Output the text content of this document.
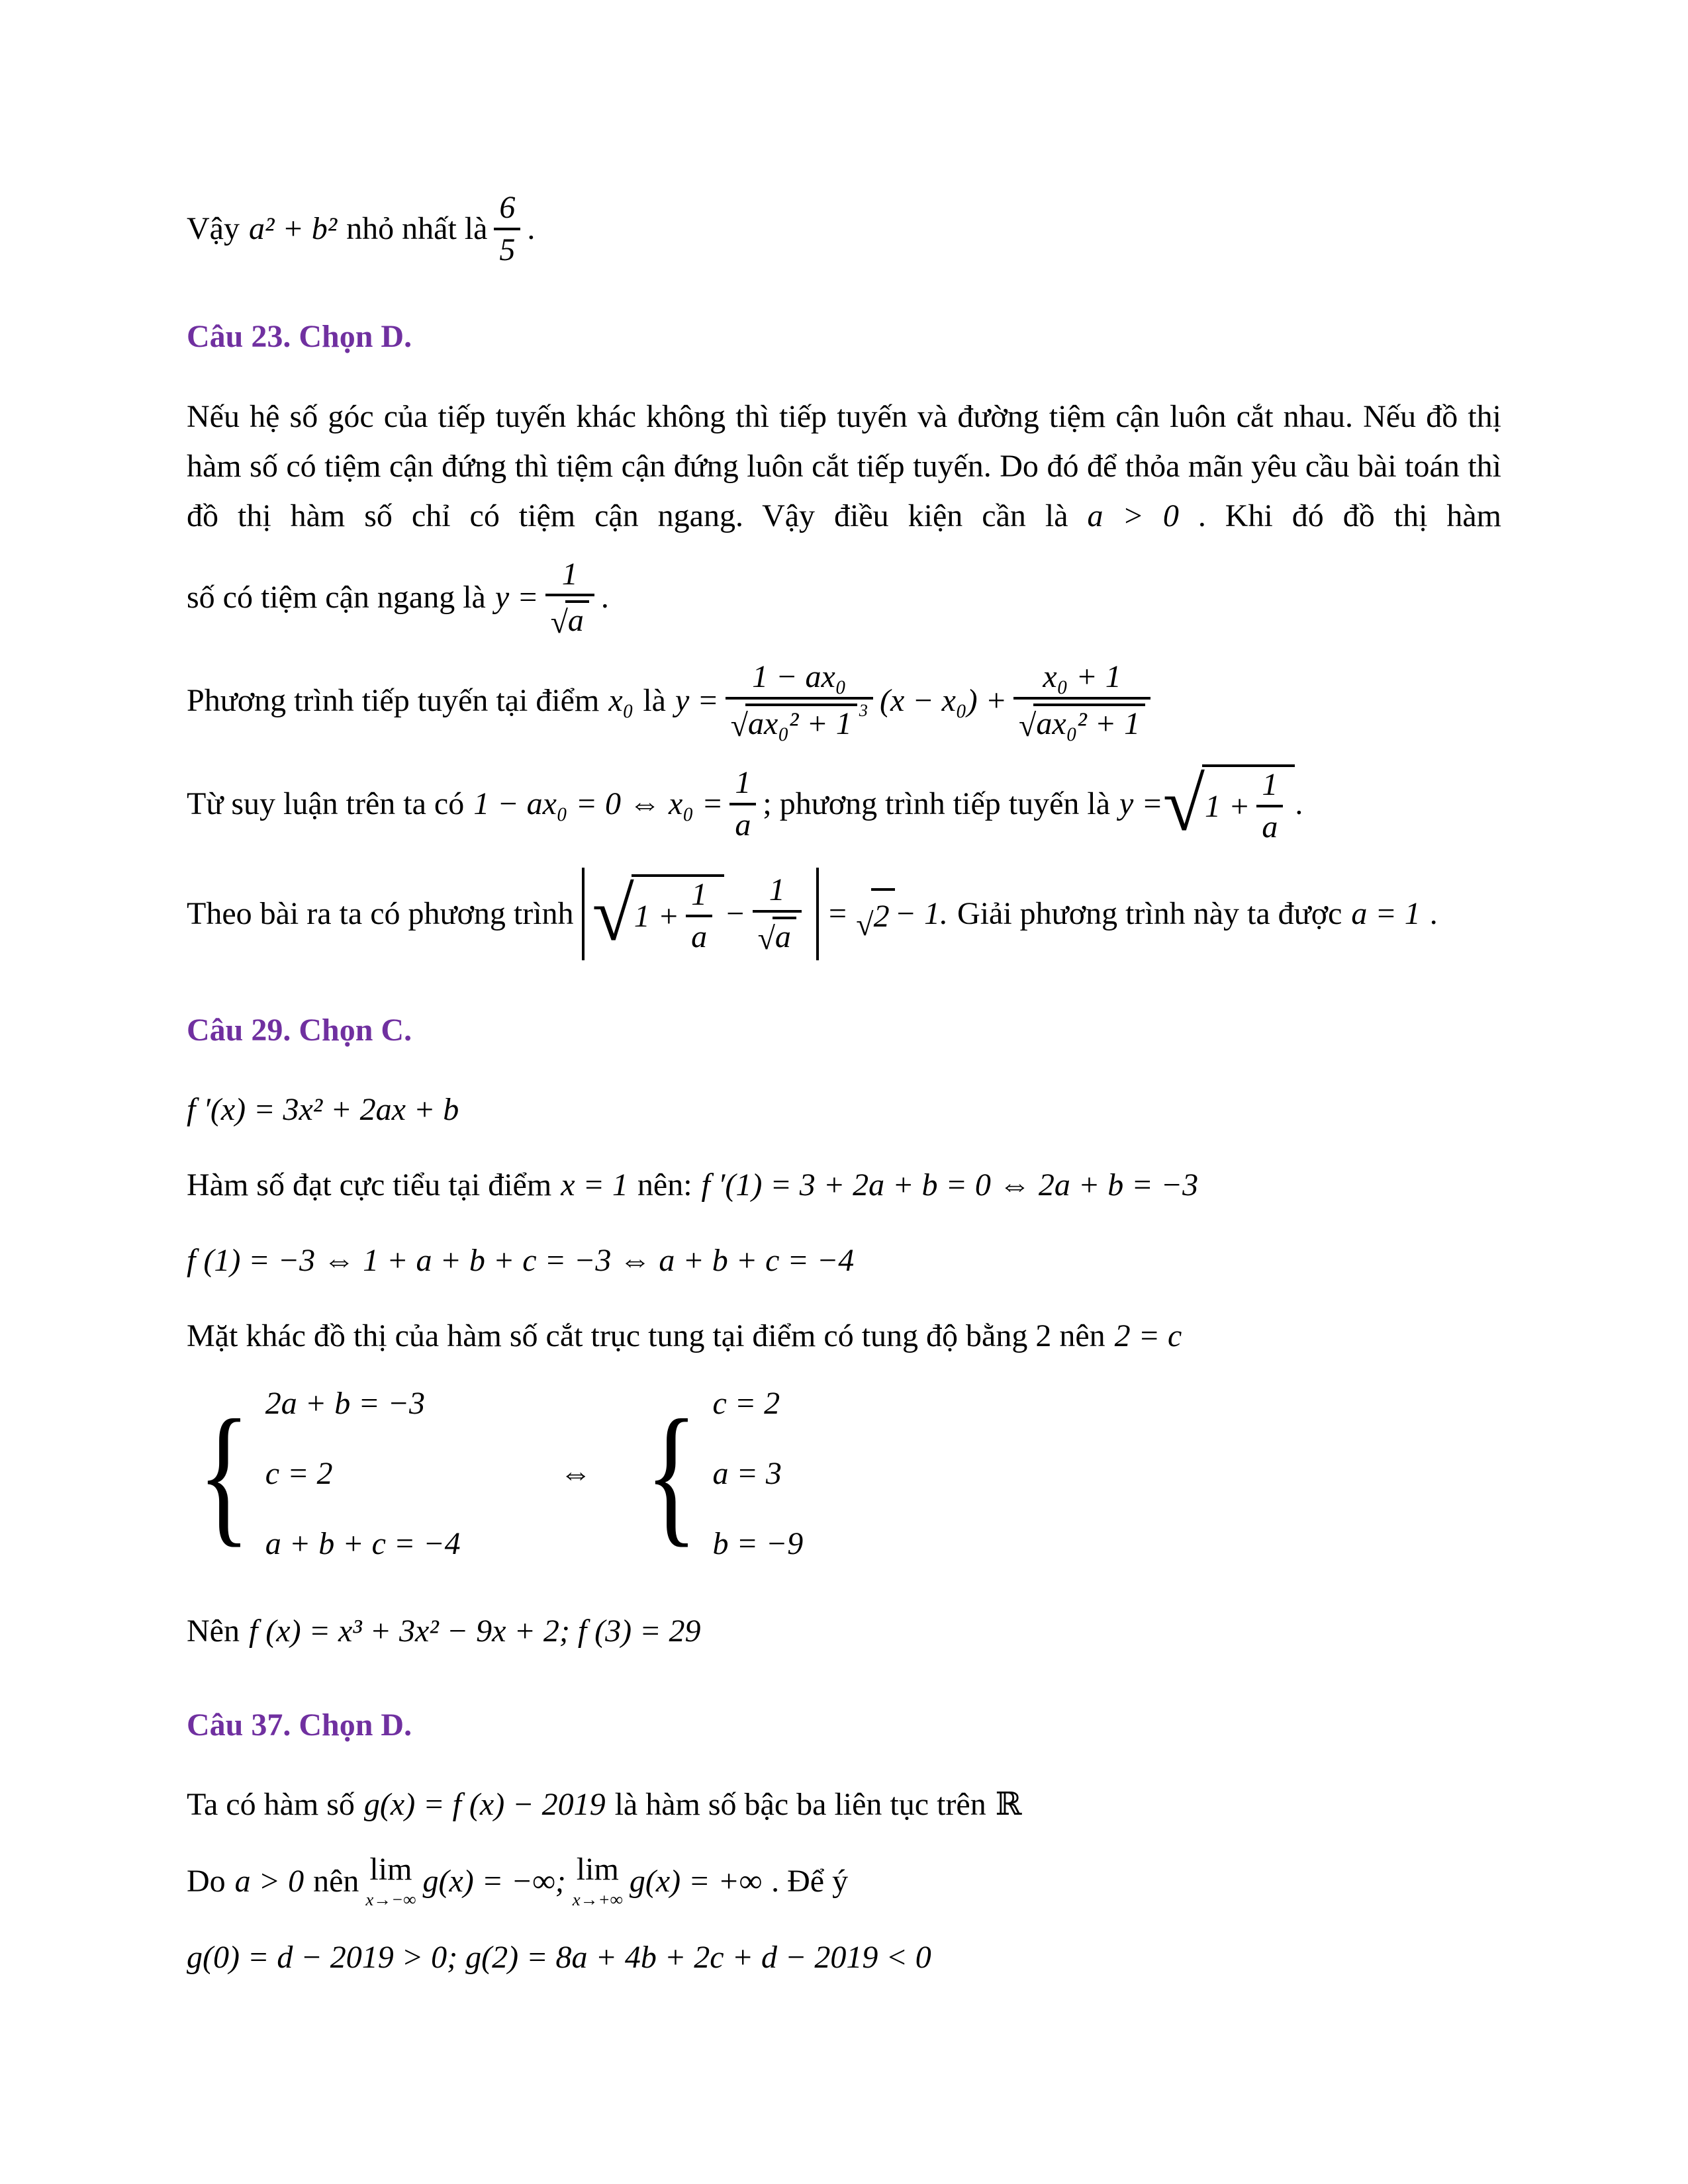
Vậy a² + b² nhỏ nhất là $\frac{6}{5}$ .
Câu 23. Chọn D.
Nếu hệ số góc của tiếp tuyến khác không thì tiếp tuyến và đường tiệm cận luôn cắt nhau. Nếu đồ thị hàm số có tiệm cận đứng thì tiệm cận đứng luôn cắt tiếp tuyến. Do đó để thỏa mãn yêu cầu bài toán thì đồ thị hàm số chỉ có tiệm cận ngang. Vậy điều kiện cần là a > 0 . Khi đó đồ thị hàm
số có tiệm cận ngang là $y = \frac{1}{√ a}$ .
Phương trình tiếp tuyến tại điểm x₀ là $y = \frac{\text{1 − ax₀}}{\text{√ ax₀² + 1 3}} (x - x_0) + \frac{\text{x₀ + 1}}{\text{√ ax₀² + 1}}$
Từ suy luận trên ta có 1 − ax₀ = 0 ⇔ $x_0 = \frac{1}{a}$ ; phương trình tiếp tuyến là y = √ $1 + \frac{1}{a}$ .
Theo bài ra ta có phương trình √ $1 + \frac{1}{a} - \frac{1}{√ a}$ = √ 2 − 1. Giải phương trình này ta được a = 1 .
Câu 29. Chọn C.
f ′(x) = 3x² + 2ax + b
Hàm số đạt cực tiểu tại điểm x = 1 nên: f ′(1) = 3 + 2a + b = 0 ⇔ 2a + b = −3
f (1) = −3 ⇔ 1 + a + b + c = −3 ⇔ a + b + c = −4
Mặt khác đồ thị của hàm số cắt trục tung tại điểm có tung độ bằng 2 nên 2 = c
{ 2a + b = −3
c = 2
a + b + c = −4
⇔ { c = 2
a = 3
b = −9
Nên f (x) = x³ + 3x² − 9x + 2; f (3) = 29
Câu 37. Chọn D.
Ta có hàm số g(x) = f (x) − 2019 là hàm số bậc ba liên tục trên ℝ
Do a > 0 nên lim
x→−∞
g(x) = −∞; lim
x→+∞
g(x) = +∞ . Để ý
g(0) = d − 2019 > 0; g(2) = 8a + 4b + 2c + d − 2019 < 0
